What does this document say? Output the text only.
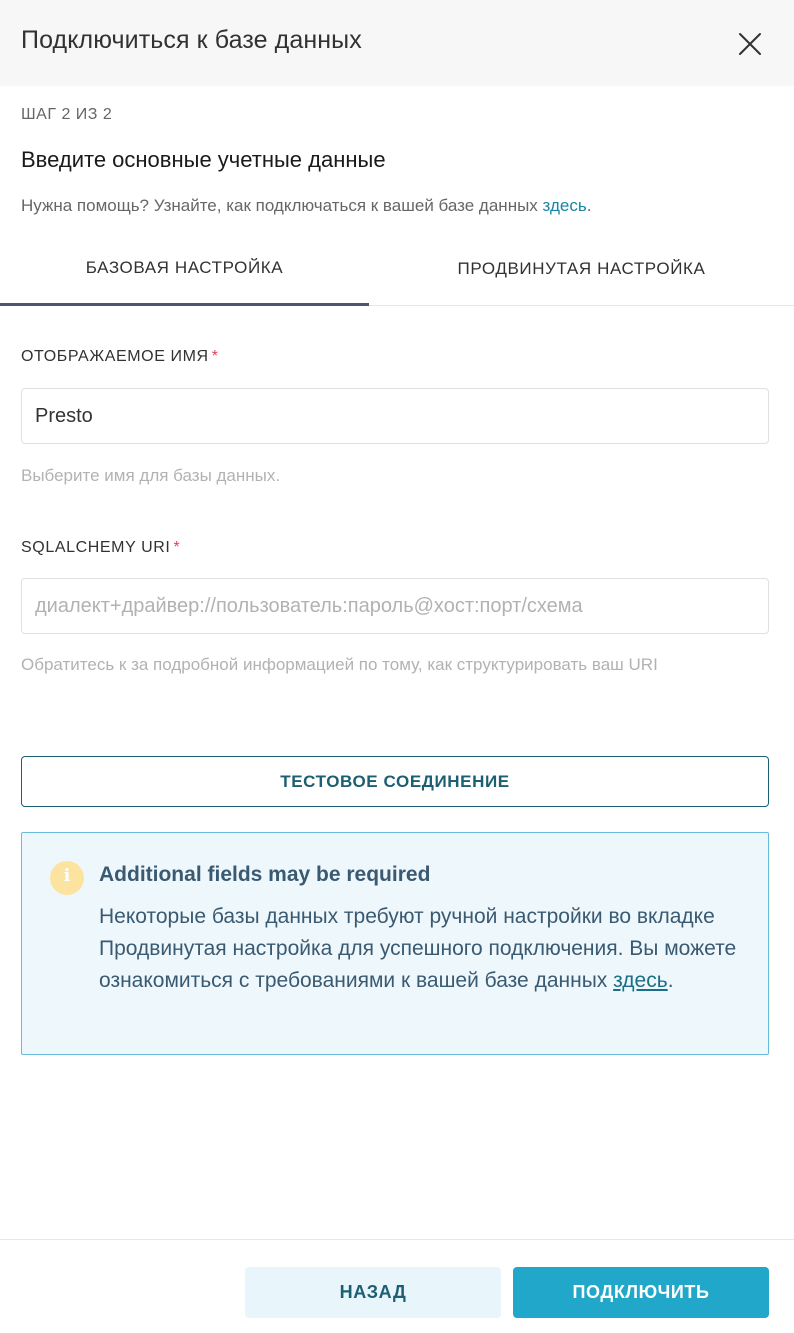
Подключиться к базе данных
ШАГ 2 ИЗ 2
Введите основные учетные данные
Нужна помощь? Узнайте, как подключаться к вашей базе данных здесь.
БАЗОВАЯ НАСТРОЙКА	ПРОДВИНУТАЯ НАСТРОЙКА
ОТОБРАЖАЕМОЕ ИМЯ *
Presto
Выберите имя для базы данных.
SQLALCHEMY URI *
диалект+драйвер://пользователь:пароль@хост:порт/схема
Обратитесь к за подробной информацией по тому, как структурировать ваш URI
ТЕСТОВОЕ СОЕДИНЕНИЕ
i
Additional fields may be required
Некоторые базы данных требуют ручной настройки во вкладке Продвинутая настройка для успешного подключения. Вы можете ознакомиться с требованиями к вашей базе данных здесь.
НАЗАД	ПОДКЛЮЧИТЬ
